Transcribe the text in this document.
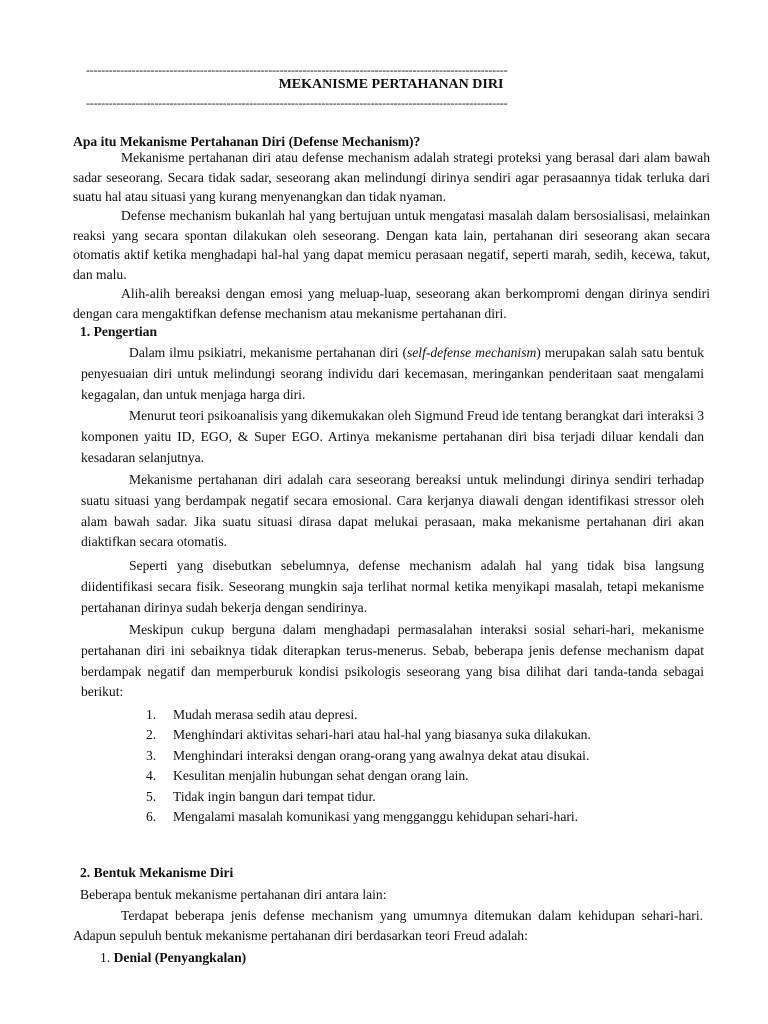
---------------------------------------------------------------------------------------------------------------
MEKANISME PERTAHANAN DIRI
---------------------------------------------------------------------------------------------------------------
Apa itu Mekanisme Pertahanan Diri (Defense Mechanism)?
Mekanisme pertahanan diri atau defense mechanism adalah strategi proteksi yang berasal dari alam bawah sadar seseorang. Secara tidak sadar, seseorang akan melindungi dirinya sendiri agar perasaannya tidak terluka dari suatu hal atau situasi yang kurang menyenangkan dan tidak nyaman.
Defense mechanism bukanlah hal yang bertujuan untuk mengatasi masalah dalam bersosialisasi, melainkan reaksi yang secara spontan dilakukan oleh seseorang. Dengan kata lain, pertahanan diri seseorang akan secara otomatis aktif ketika menghadapi hal-hal yang dapat memicu perasaan negatif, seperti marah, sedih, kecewa, takut, dan malu.
Alih-alih bereaksi dengan emosi yang meluap-luap, seseorang akan berkompromi dengan dirinya sendiri dengan cara mengaktifkan defense mechanism atau mekanisme pertahanan diri.
1. Pengertian
Dalam ilmu psikiatri, mekanisme pertahanan diri (self-defense mechanism) merupakan salah satu bentuk penyesuaian diri untuk melindungi seorang individu dari kecemasan, meringankan penderitaan saat mengalami kegagalan, dan untuk menjaga harga diri.
Menurut teori psikoanalisis yang dikemukakan oleh Sigmund Freud ide tentang berangkat dari interaksi 3 komponen yaitu ID, EGO, & Super EGO. Artinya mekanisme pertahanan diri bisa terjadi diluar kendali dan kesadaran selanjutnya.
Mekanisme pertahanan diri adalah cara seseorang bereaksi untuk melindungi dirinya sendiri terhadap suatu situasi yang berdampak negatif secara emosional. Cara kerjanya diawali dengan identifikasi stressor oleh alam bawah sadar. Jika suatu situasi dirasa dapat melukai perasaan, maka mekanisme pertahanan diri akan diaktifkan secara otomatis.
Seperti yang disebutkan sebelumnya, defense mechanism adalah hal yang tidak bisa langsung diidentifikasi secara fisik. Seseorang mungkin saja terlihat normal ketika menyikapi masalah, tetapi mekanisme pertahanan dirinya sudah bekerja dengan sendirinya.
Meskipun cukup berguna dalam menghadapi permasalahan interaksi sosial sehari-hari, mekanisme pertahanan diri ini sebaiknya tidak diterapkan terus-menerus. Sebab, beberapa jenis defense mechanism dapat berdampak negatif dan memperburuk kondisi psikologis seseorang yang bisa dilihat dari tanda-tanda sebagai berikut:
1.	Mudah merasa sedih atau depresi.
2.	Menghindari aktivitas sehari-hari atau hal-hal yang biasanya suka dilakukan.
3.	Menghindari interaksi dengan orang-orang yang awalnya dekat atau disukai.
4.	Kesulitan menjalin hubungan sehat dengan orang lain.
5.	Tidak ingin bangun dari tempat tidur.
6.	Mengalami masalah komunikasi yang mengganggu kehidupan sehari-hari.
2. Bentuk Mekanisme Diri
Beberapa bentuk mekanisme pertahanan diri antara lain:
Terdapat beberapa jenis defense mechanism yang umumnya ditemukan dalam kehidupan sehari-hari. Adapun sepuluh bentuk mekanisme pertahanan diri berdasarkan teori Freud adalah:
1. Denial (Penyangkalan)
